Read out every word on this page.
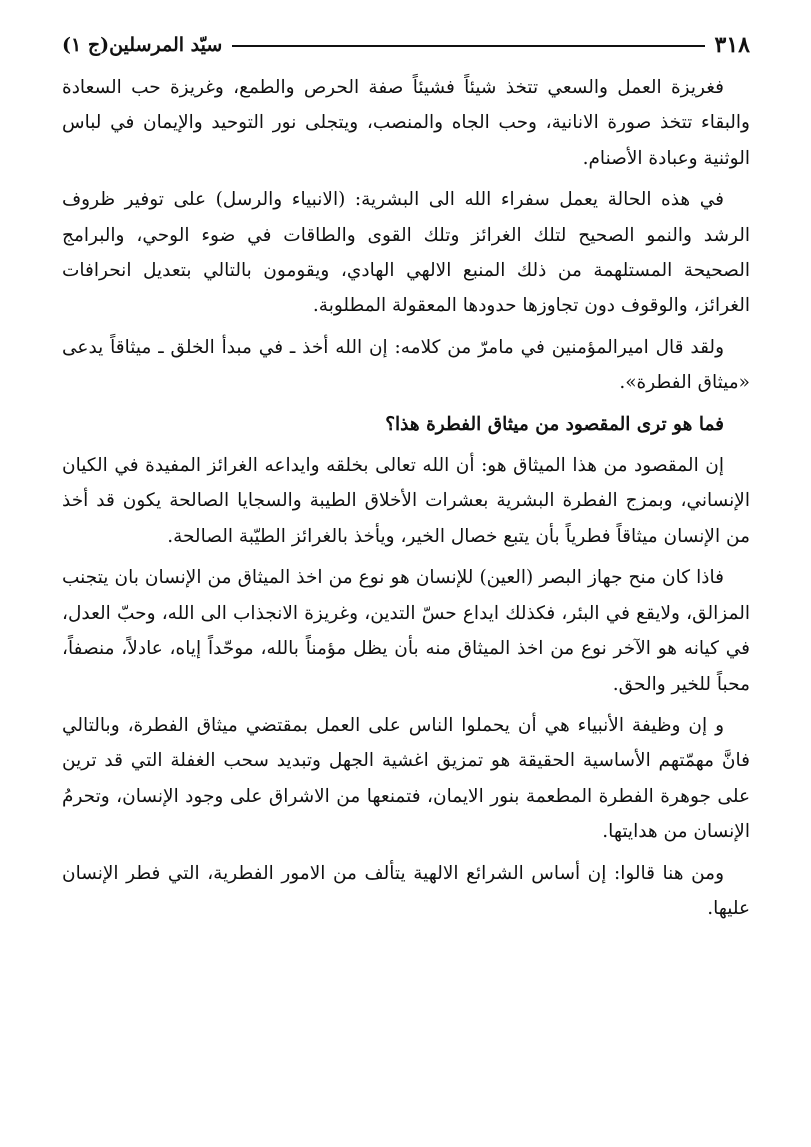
٣١٨
سيّد المرسلين(ج ١)

فغريزة العمل والسعي تتخذ شيئاً فشيئاً صفة الحرص والطمع، وغريزة حب السعادة والبقاء تتخذ صورة الانانية، وحب الجاه والمنصب، ويتجلى نور التوحيد والإيمان في لباس الوثنية وعبادة الأصنام.

في هذه الحالة يعمل سفراء الله الى البشرية: (الانبياء والرسل) على توفير ظروف الرشد والنمو الصحيح لتلك الغرائز وتلك القوى والطاقات في ضوء الوحي، والبرامج الصحيحة المستلهمة من ذلك المنبع الالهي الهادي، ويقومون بالتالي بتعديل انحرافات الغرائز، والوقوف دون تجاوزها حدودها المعقولة المطلوبة.

ولقد قال اميرالمؤمنين في مامرّ من كلامه: إن الله أخذ ـ في مبدأ الخلق ـ ميثاقاً يدعى «ميثاق الفطرة».

فما هو ترى المقصود من ميثاق الفطرة هذا؟

إن المقصود من هذا الميثاق هو: أن الله تعالى بخلقه وايداعه الغرائز المفيدة في الكيان الإنساني، وبمزج الفطرة البشرية بعشرات الأخلاق الطيبة والسجايا الصالحة يكون قد أخذ من الإنسان ميثاقاً فطرياً بأن يتبع خصال الخير، ويأخذ بالغرائز الطيّبة الصالحة.

فاذا كان منح جهاز البصر (العين) للإنسان هو نوع من اخذ الميثاق من الإنسان بان يتجنب المزالق، ولايقع في البئر، فكذلك ايداع حسّ التدين، وغريزة الانجذاب الى الله، وحبّ العدل، في كيانه هو الآخر نوع من اخذ الميثاق منه بأن يظل مؤمناً بالله، موحّداً إياه، عادلاً، منصفاً، محباً للخير والحق.

و إن وظيفة الأنبياء هي أن يحملوا الناس على العمل بمقتضي ميثاق الفطرة، وبالتالي فانَّ مهمّتهم الأساسية الحقيقة هو تمزيق اغشية الجهل وتبديد سحب الغفلة التي قد ترين على جوهرة الفطرة المطعمة بنور الايمان، فتمنعها من الاشراق على وجود الإنسان، وتحرمُ الإنسان من هدايتها.

ومن هنا قالوا: إن أساس الشرائع الالهية يتألف من الامور الفطرية، التي فطر الإنسان عليها.
